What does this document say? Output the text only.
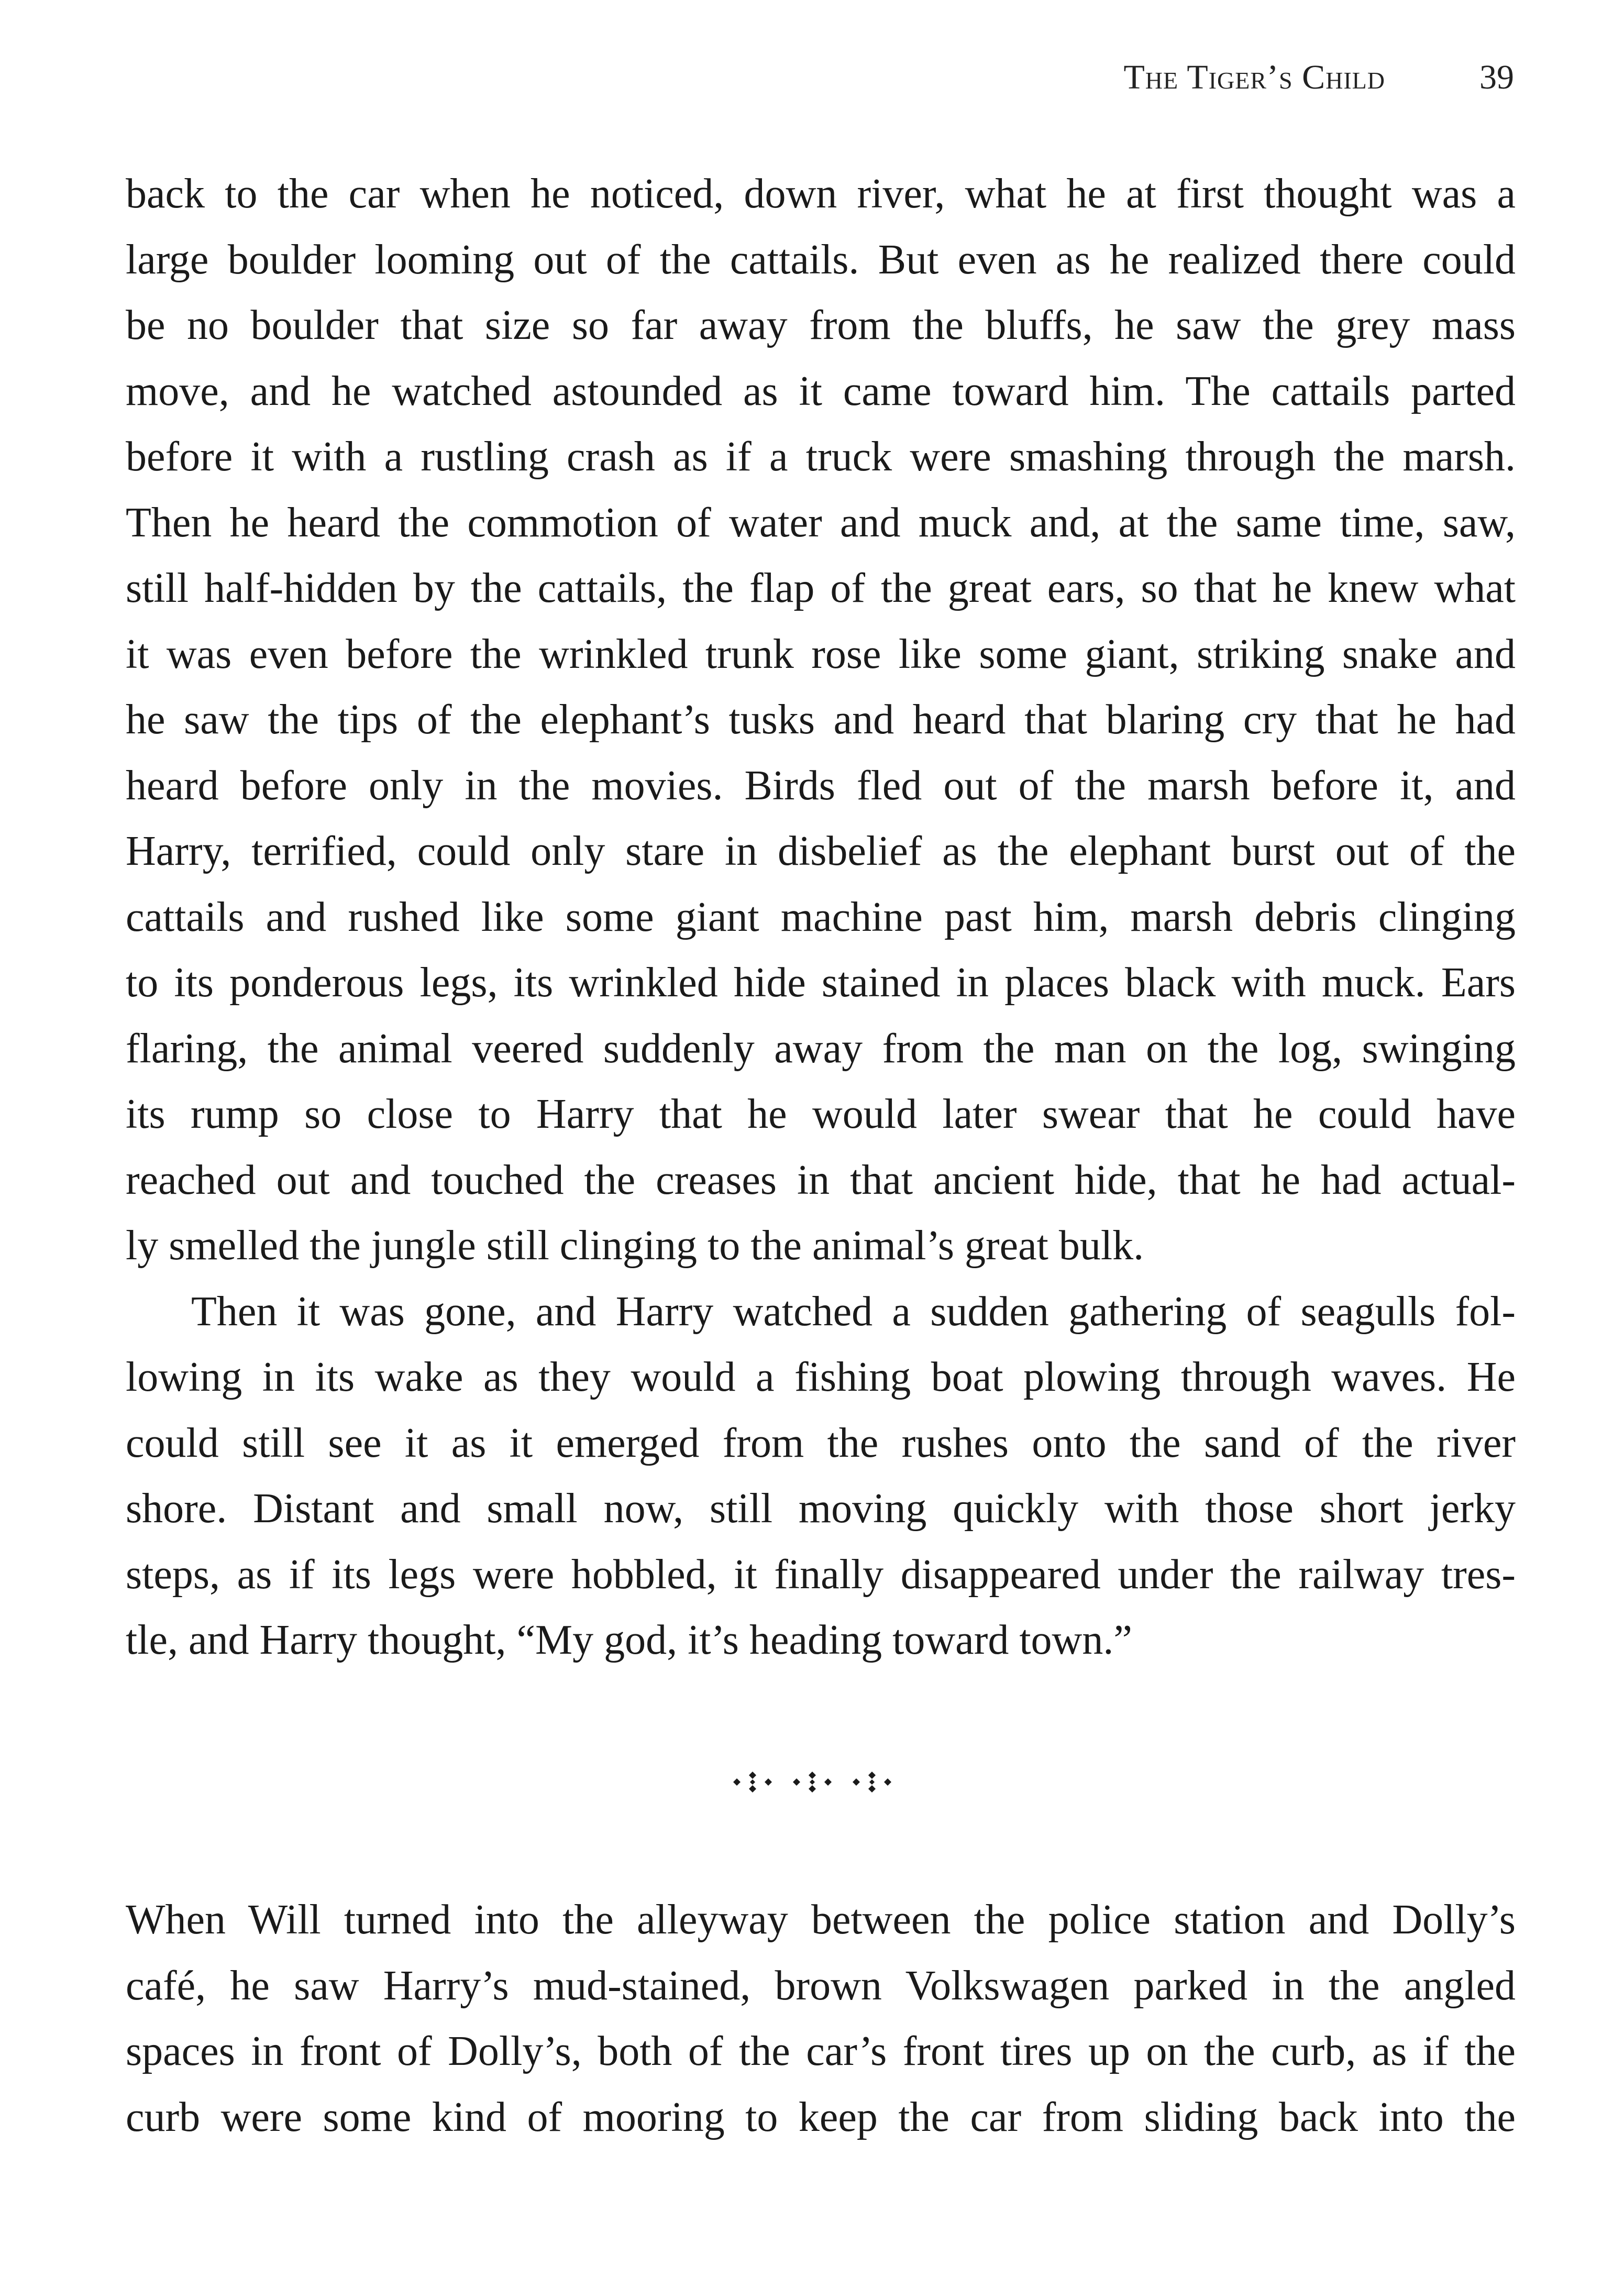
The Tiger’s Child	39

back to the car when he noticed, down river, what he at first thought was a
large boulder looming out of the cattails. But even as he realized there could
be no boulder that size so far away from the bluffs, he saw the grey mass
move, and he watched astounded as it came toward him. The cattails parted
before it with a rustling crash as if a truck were smashing through the marsh.
Then he heard the commotion of water and muck and, at the same time, saw,
still half-hidden by the cattails, the flap of the great ears, so that he knew what
it was even before the wrinkled trunk rose like some giant, striking snake and
he saw the tips of the elephant’s tusks and heard that blaring cry that he had
heard before only in the movies. Birds fled out of the marsh before it, and
Harry, terrified, could only stare in disbelief as the elephant burst out of the
cattails and rushed like some giant machine past him, marsh debris clinging
to its ponderous legs, its wrinkled hide stained in places black with muck. Ears
flaring, the animal veered suddenly away from the man on the log, swinging
its rump so close to Harry that he would later swear that he could have
reached out and touched the creases in that ancient hide, that he had actual-
ly smelled the jungle still clinging to the animal’s great bulk.

Then it was gone, and Harry watched a sudden gathering of seagulls fol-
lowing in its wake as they would a fishing boat plowing through waves. He
could still see it as it emerged from the rushes onto the sand of the river
shore. Distant and small now, still moving quickly with those short jerky
steps, as if its legs were hobbled, it finally disappeared under the railway tres-
tle, and Harry thought, “My god, it’s heading toward town.”

When Will turned into the alleyway between the police station and Dolly’s
café, he saw Harry’s mud-stained, brown Volkswagen parked in the angled
spaces in front of Dolly’s, both of the car’s front tires up on the curb, as if the
curb were some kind of mooring to keep the car from sliding back into the
